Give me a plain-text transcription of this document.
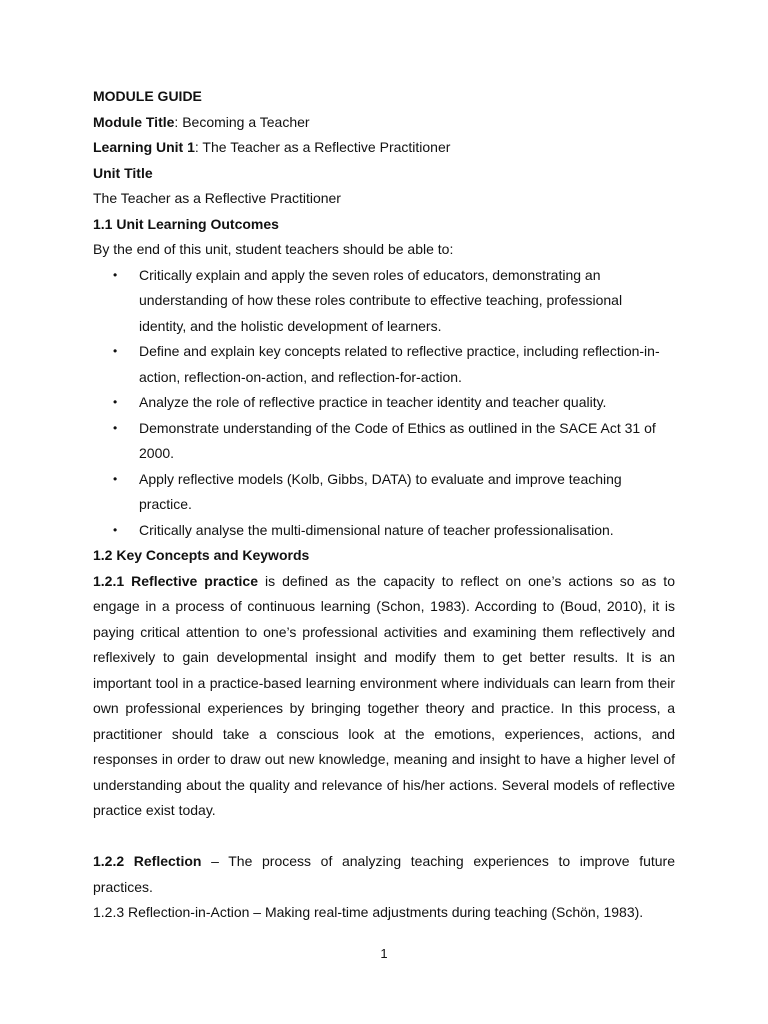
MODULE GUIDE

Module Title: Becoming a Teacher

Learning Unit 1: The Teacher as a Reflective Practitioner

Unit Title

The Teacher as a Reflective Practitioner

1.1 Unit Learning Outcomes

By the end of this unit, student teachers should be able to:

• Critically explain and apply the seven roles of educators, demonstrating an
understanding of how these roles contribute to effective teaching, professional
identity, and the holistic development of learners.
• Define and explain key concepts related to reflective practice, including reflection-in-
action, reflection-on-action, and reflection-for-action.
• Analyze the role of reflective practice in teacher identity and teacher quality.
• Demonstrate understanding of the Code of Ethics as outlined in the SACE Act 31 of
2000.
• Apply reflective models (Kolb, Gibbs, DATA) to evaluate and improve teaching
practice.
• Critically analyse the multi-dimensional nature of teacher professionalisation.

1.2 Key Concepts and Keywords

1.2.1 Reflective practice is defined as the capacity to reflect on one’s actions so as to engage in a process of continuous learning (Schon, 1983). According to (Boud, 2010), it is paying critical attention to one’s professional activities and examining them reflectively and reflexively to gain developmental insight and modify them to get better results. It is an important tool in a practice-based learning environment where individuals can learn from their own professional experiences by bringing together theory and practice. In this process, a practitioner should take a conscious look at the emotions, experiences, actions, and responses in order to draw out new knowledge, meaning and insight to have a higher level of understanding about the quality and relevance of his/her actions. Several models of reflective practice exist today.

1.2.2 Reflection – The process of analyzing teaching experiences to improve future practices.

1.2.3 Reflection-in-Action – Making real-time adjustments during teaching (Schön, 1983).

1
